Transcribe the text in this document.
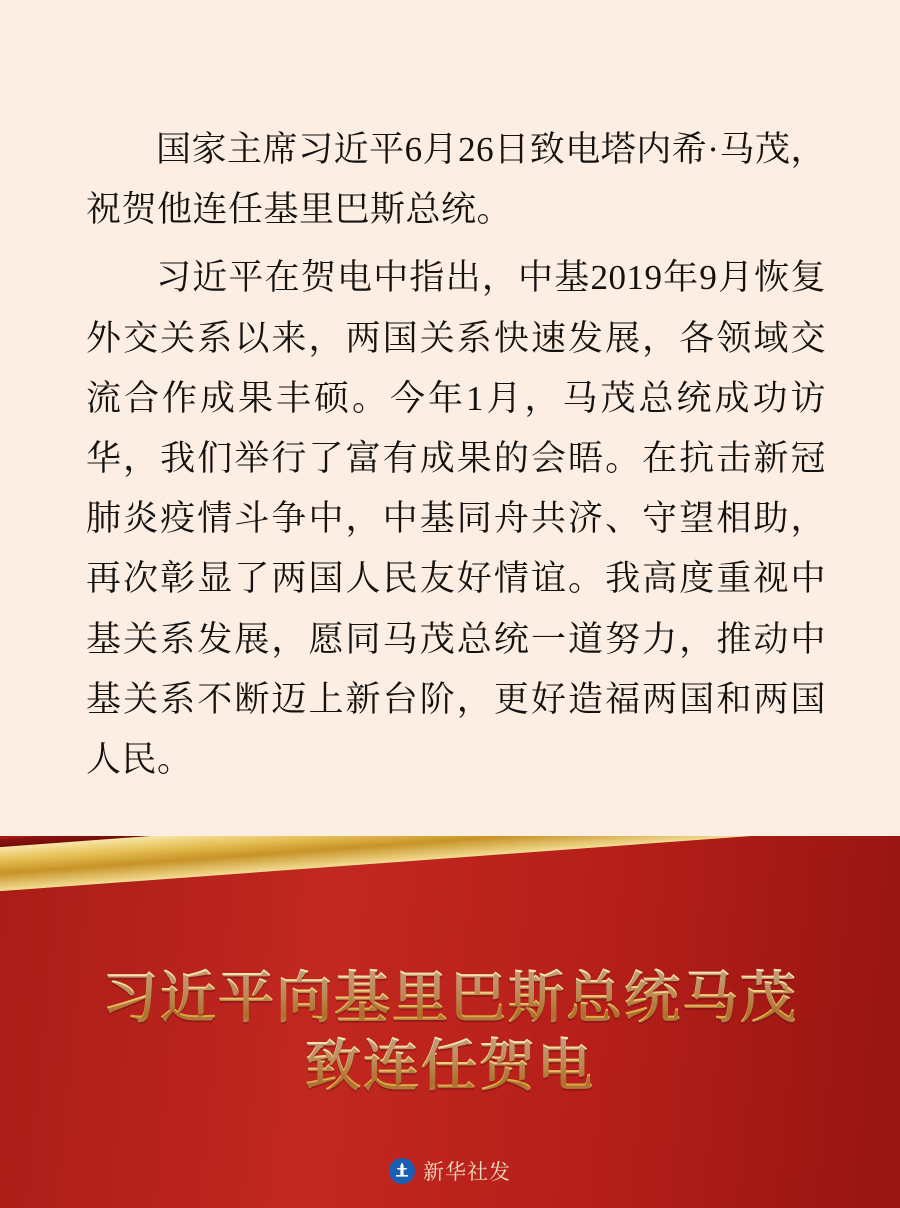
国家主席习近平6月26日致电塔内希·马茂，祝贺他连任基里巴斯总统。

习近平在贺电中指出，中基2019年9月恢复外交关系以来，两国关系快速发展，各领域交流合作成果丰硕。今年1月，马茂总统成功访华，我们举行了富有成果的会晤。在抗击新冠肺炎疫情斗争中，中基同舟共济、守望相助，再次彰显了两国人民友好情谊。我高度重视中基关系发展，愿同马茂总统一道努力，推动中基关系不断迈上新台阶，更好造福两国和两国人民。

习近平向基里巴斯总统马茂
致连任贺电
新华社发
